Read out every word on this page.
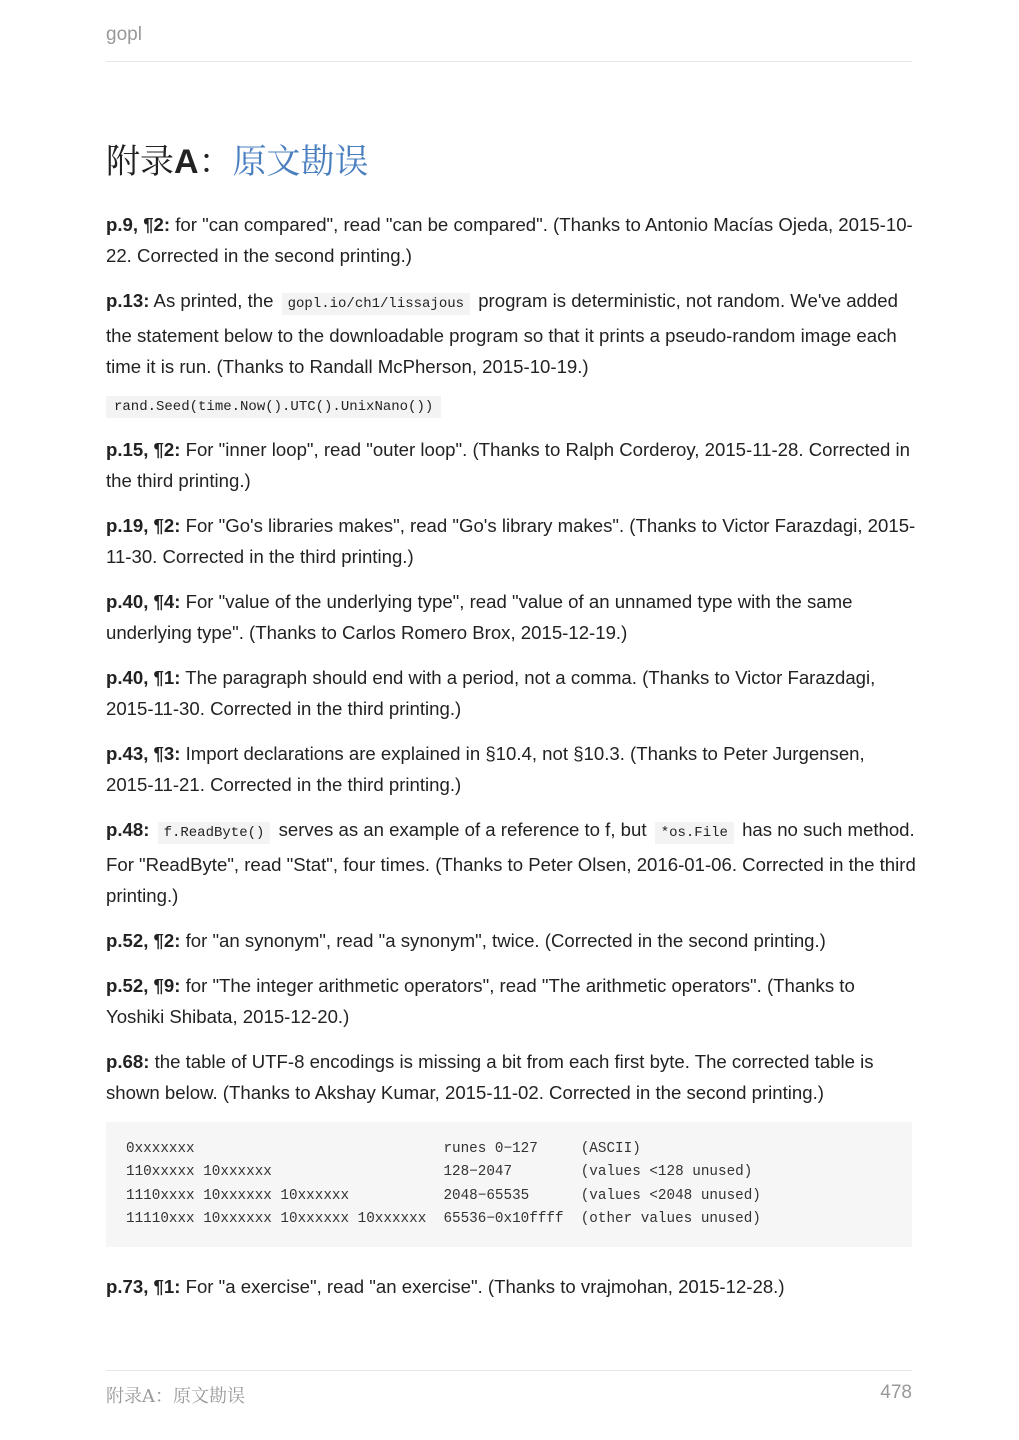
gopl
附录A：原文勘误

p.9, ¶2: for "can compared", read "can be compared". (Thanks to Antonio Macías Ojeda, 2015-10-22. Corrected in the second printing.)

p.13: As printed, the gopl.io/ch1/lissajous program is deterministic, not random. We've added the statement below to the downloadable program so that it prints a pseudo-random image each time it is run. (Thanks to Randall McPherson, 2015-10-19.)

rand.Seed(time.Now().UTC().UnixNano())

p.15, ¶2: For "inner loop", read "outer loop". (Thanks to Ralph Corderoy, 2015-11-28. Corrected in the third printing.)

p.19, ¶2: For "Go's libraries makes", read "Go's library makes". (Thanks to Victor Farazdagi, 2015-11-30. Corrected in the third printing.)

p.40, ¶4: For "value of the underlying type", read "value of an unnamed type with the same underlying type". (Thanks to Carlos Romero Brox, 2015-12-19.)

p.40, ¶1: The paragraph should end with a period, not a comma. (Thanks to Victor Farazdagi, 2015-11-30. Corrected in the third printing.)

p.43, ¶3: Import declarations are explained in §10.4, not §10.3. (Thanks to Peter Jurgensen, 2015-11-21. Corrected in the third printing.)

p.48: f.ReadByte() serves as an example of a reference to f, but *os.File has no such method. For "ReadByte", read "Stat", four times. (Thanks to Peter Olsen, 2016-01-06. Corrected in the third printing.)

p.52, ¶2: for "an synonym", read "a synonym", twice. (Corrected in the second printing.)

p.52, ¶9: for "The integer arithmetic operators", read "The arithmetic operators". (Thanks to Yoshiki Shibata, 2015-12-20.)

p.68: the table of UTF-8 encodings is missing a bit from each first byte. The corrected table is shown below. (Thanks to Akshay Kumar, 2015-11-02. Corrected in the second printing.)

0xxxxxxx                             runes 0−127     (ASCII)
110xxxxx 10xxxxxx                    128−2047        (values <128 unused)
1110xxxx 10xxxxxx 10xxxxxx           2048−65535      (values <2048 unused)
11110xxx 10xxxxxx 10xxxxxx 10xxxxxx  65536−0x10ffff  (other values unused)

p.73, ¶1: For "a exercise", read "an exercise". (Thanks to vrajmohan, 2015-12-28.)

附录A：原文勘误	478
